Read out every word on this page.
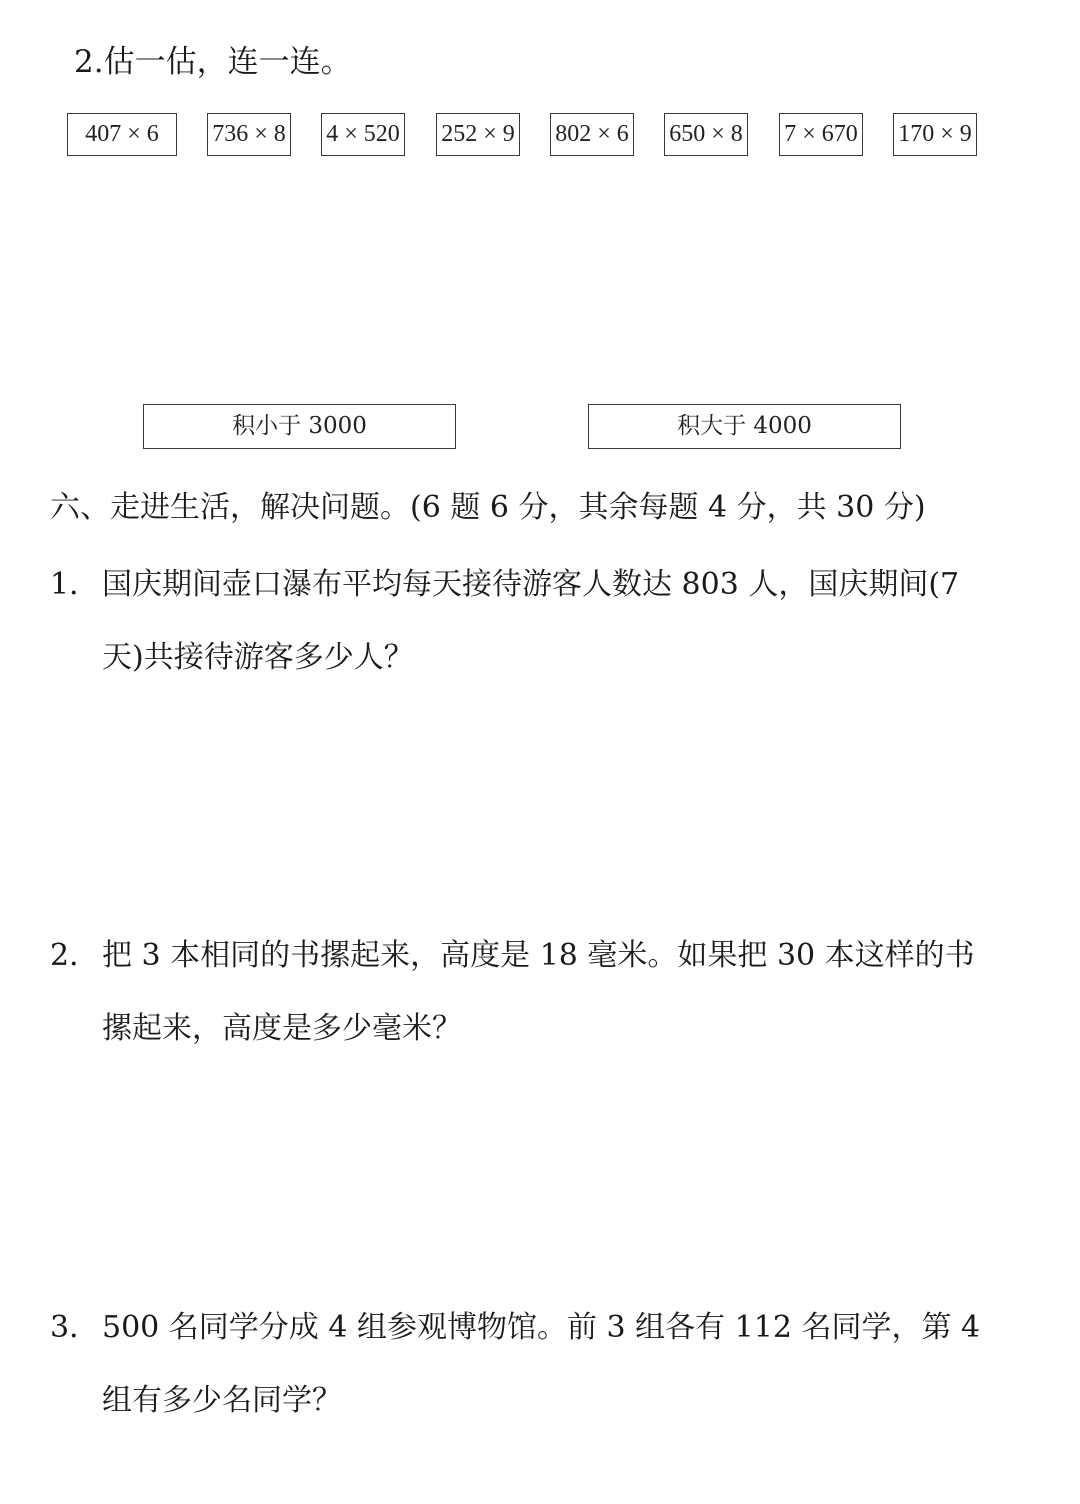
2.估一估，连一连。
407 × 6	736 × 8 4 × 520 252 × 9 802 × 6 650 × 8 7 × 670 170 × 9
积小于 3000	积大于 4000
六、走进生活，解决问题。(6 题 6 分，其余每题 4 分，共 30 分)
1． 国庆期间壶口瀑布平均每天接待游客人数达 803 人，国庆期间(7
天)共接待游客多少人？
2． 把 3 本相同的书摞起来，高度是 18 毫米。如果把 30 本这样的书
摞起来，高度是多少毫米？
3． 500 名同学分成 4 组参观博物馆。前 3 组各有 112 名同学，第 4
组有多少名同学？
